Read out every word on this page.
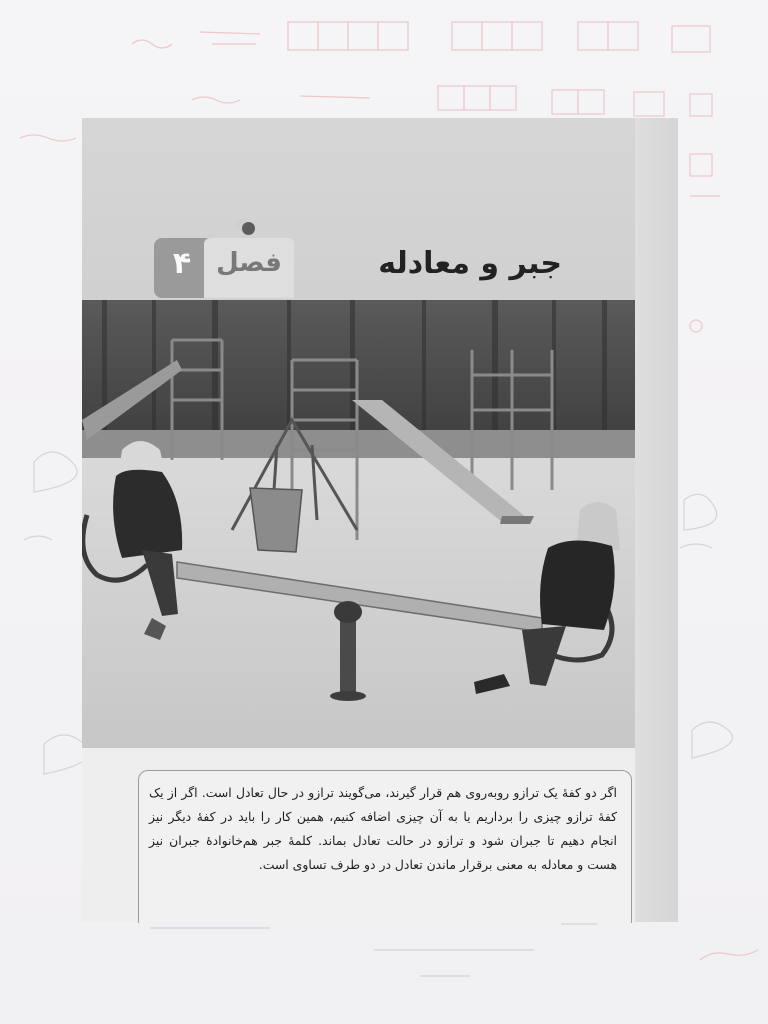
۴ فصل	جبر و معادله

اگر دو کفهٔ یک ترازو روبه‌روی هم قرار گیرند، می‌گویند ترازو در حال تعادل است. اگر از یک کفهٔ ترازو چیزی را برداریم یا به آن چیزی اضافه کنیم، همین کار را باید در کفهٔ دیگر نیز انجام دهیم تا جبران شود و ترازو در حالت تعادل بماند. کلمهٔ جبر هم‌خانوادهٔ جبران نیز هست و معادله به معنی برقرار ماندن تعادل در دو طرف تساوی است.
